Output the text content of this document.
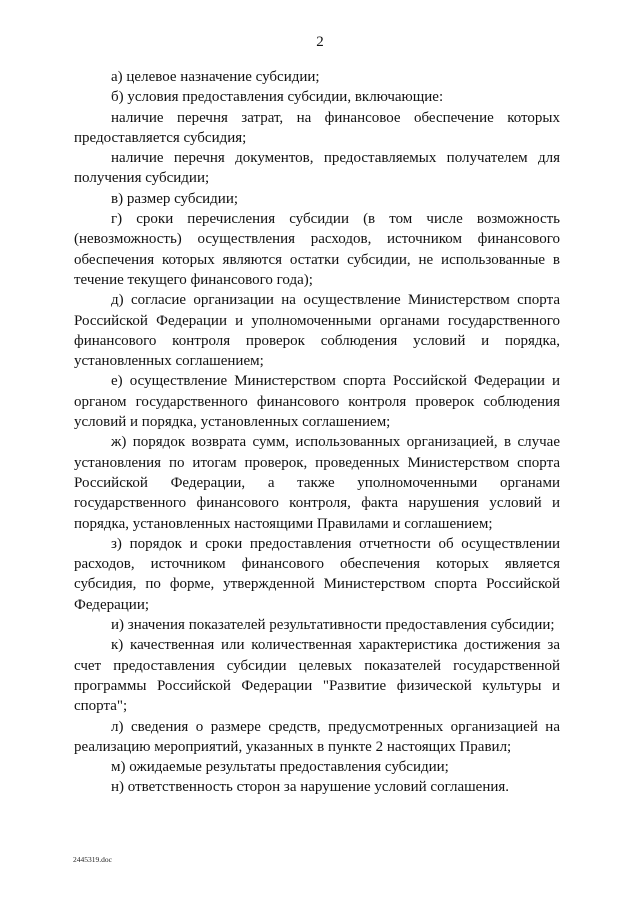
2

а) целевое назначение субсидии;

б) условия предоставления субсидии, включающие:

наличие перечня затрат, на финансовое обеспечение которых предоставляется субсидия;

наличие перечня документов, предоставляемых получателем для получения субсидии;

в) размер субсидии;

г) сроки перечисления субсидии (в том числе возможность (невозможность) осуществления расходов, источником финансового обеспечения которых являются остатки субсидии, не использованные в течение текущего финансового года);

д) согласие организации на осуществление Министерством спорта Российской Федерации и уполномоченными органами государственного финансового контроля проверок соблюдения условий и порядка, установленных соглашением;

е) осуществление Министерством спорта Российской Федерации и органом государственного финансового контроля проверок соблюдения условий и порядка, установленных соглашением;

ж) порядок возврата сумм, использованных организацией, в случае установления по итогам проверок, проведенных Министерством спорта Российской Федерации, а также уполномоченными органами государственного финансового контроля, факта нарушения условий и порядка, установленных настоящими Правилами и соглашением;

з) порядок и сроки предоставления отчетности об осуществлении расходов, источником финансового обеспечения которых является субсидия, по форме, утвержденной Министерством спорта Российской Федерации;

и) значения показателей результативности предоставления субсидии;

к) качественная или количественная характеристика достижения за счет предоставления субсидии целевых показателей государственной программы Российской Федерации "Развитие физической культуры и спорта";

л) сведения о размере средств, предусмотренных организацией на реализацию мероприятий, указанных в пункте 2 настоящих Правил;

м) ожидаемые результаты предоставления субсидии;

н) ответственность сторон за нарушение условий соглашения.

2445319.doc
